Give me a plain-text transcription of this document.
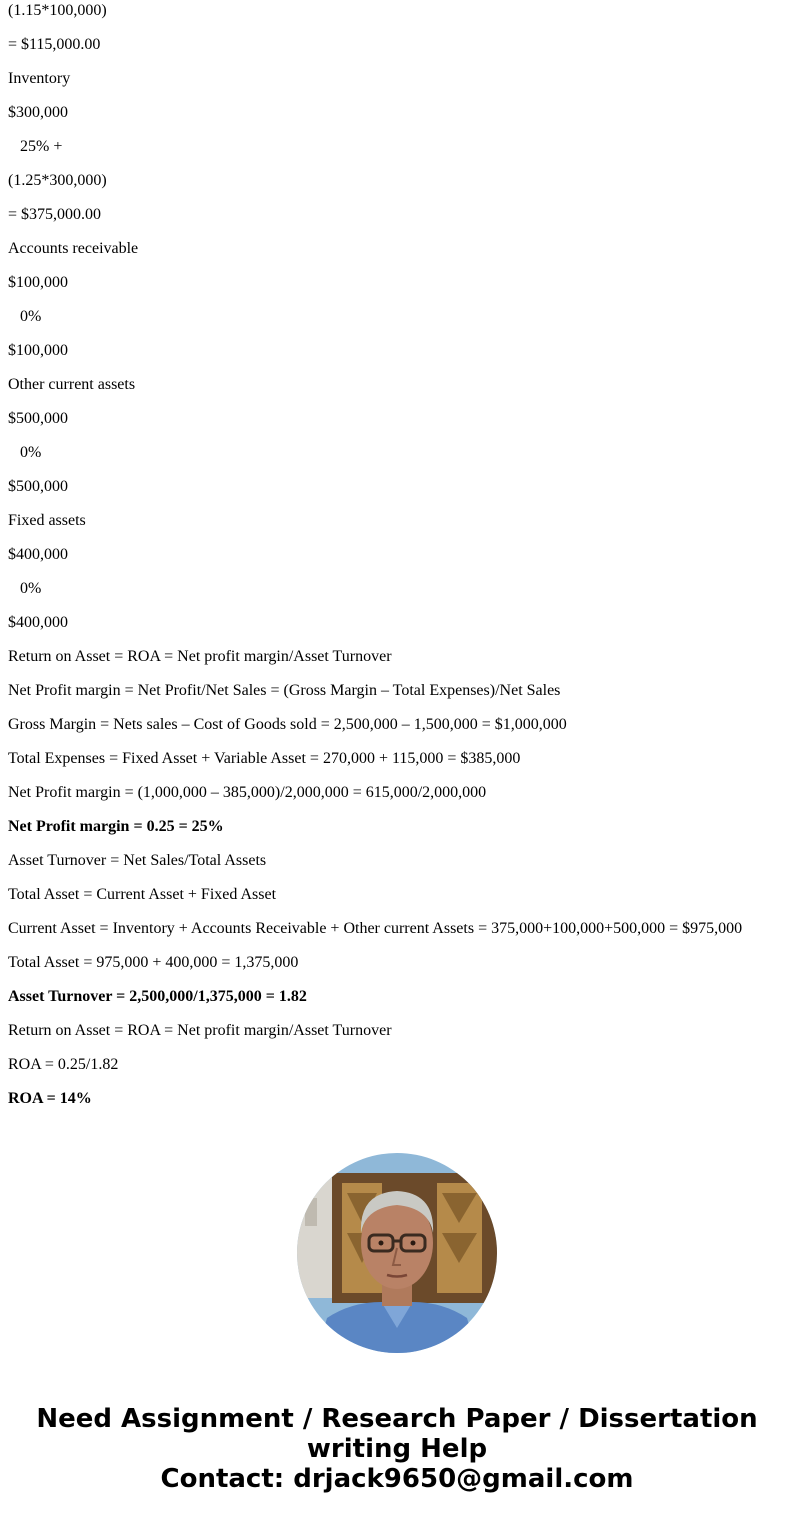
(1.15*100,000)
= $115,000.00
Inventory
$300,000
25% +
(1.25*300,000)
= $375,000.00
Accounts receivable
$100,000
0%
$100,000
Other current assets
$500,000
0%
$500,000
Fixed assets
$400,000
0%
$400,000
Return on Asset = ROA = Net profit margin/Asset Turnover
Net Profit margin = Net Profit/Net Sales = (Gross Margin – Total Expenses)/Net Sales
Gross Margin = Nets sales – Cost of Goods sold = 2,500,000 – 1,500,000 = $1,000,000
Total Expenses = Fixed Asset + Variable Asset = 270,000 + 115,000 = $385,000
Net Profit margin = (1,000,000 – 385,000)/2,000,000 = 615,000/2,000,000
Net Profit margin = 0.25 = 25%
Asset Turnover = Net Sales/Total Assets
Total Asset = Current Asset + Fixed Asset
Current Asset = Inventory + Accounts Receivable + Other current Assets = 375,000+100,000+500,000 = $975,000
Total Asset = 975,000 + 400,000 = 1,375,000
Asset Turnover = 2,500,000/1,375,000 = 1.82
Return on Asset = ROA = Net profit margin/Asset Turnover
ROA = 0.25/1.82
ROA = 14%
Need Assignment / Research Paper / Dissertation
writing Help
Contact: drjack9650@gmail.com
